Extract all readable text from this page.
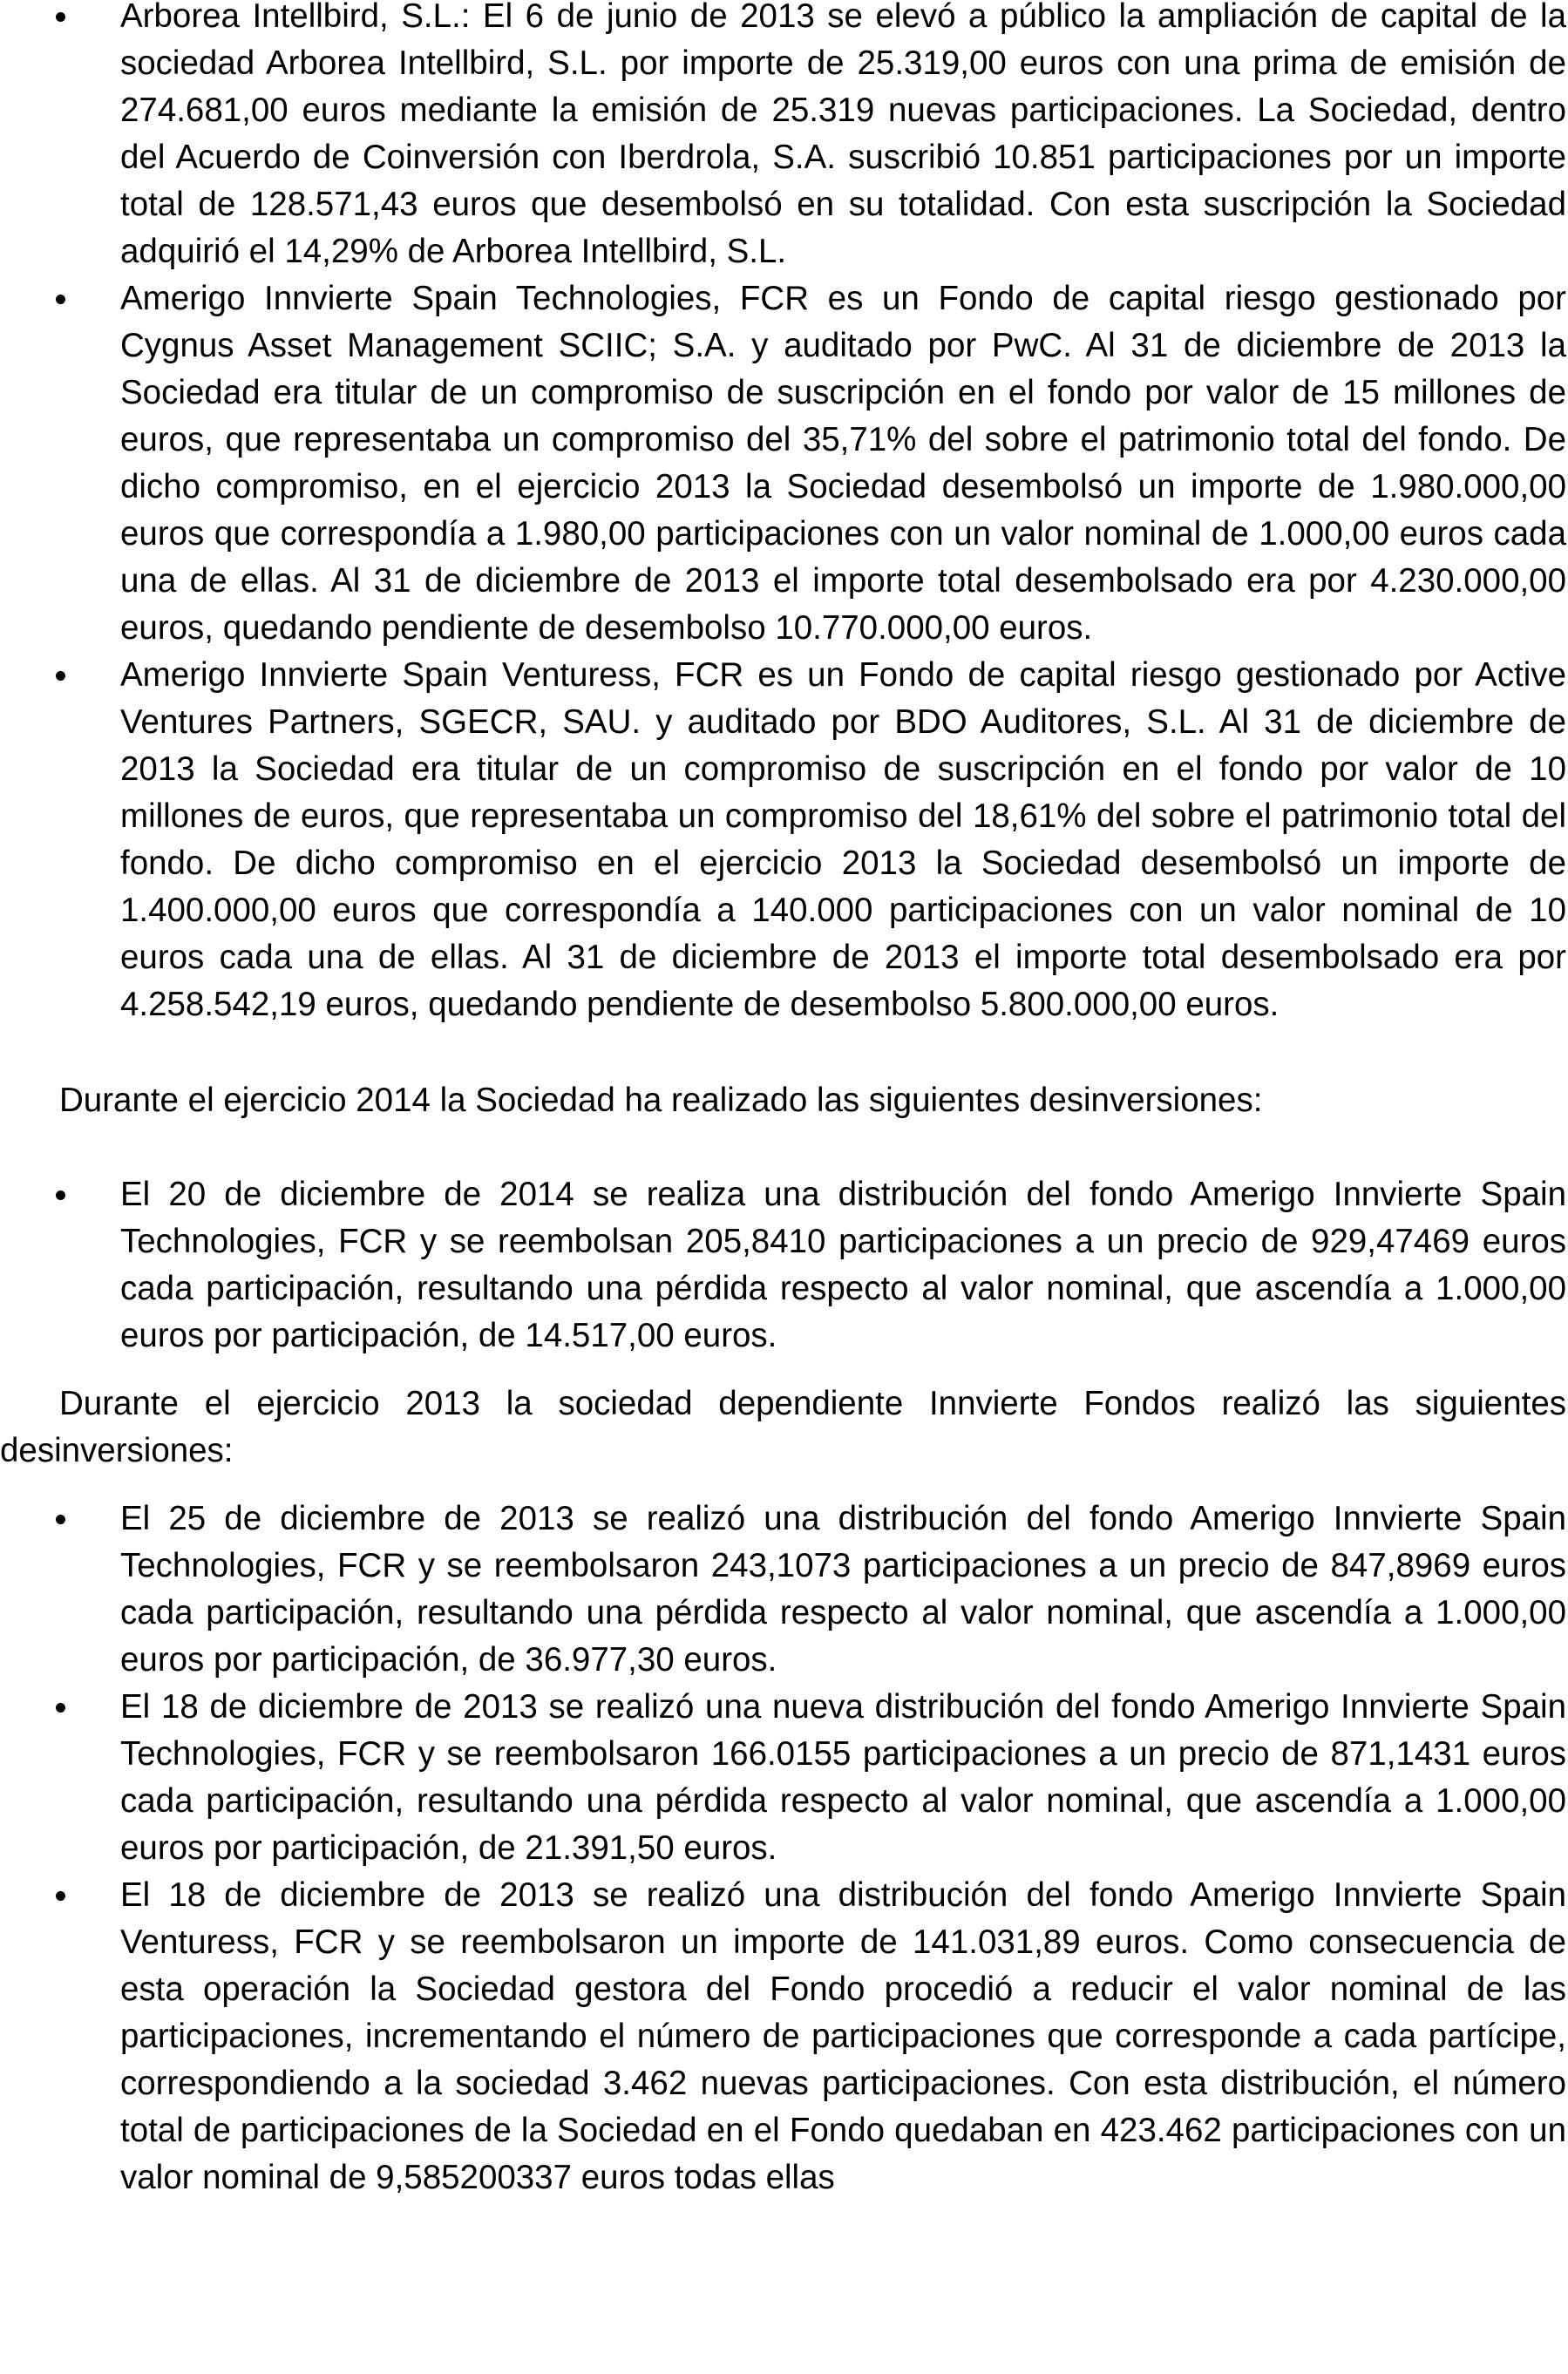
Arborea Intellbird, S.L.: El 6 de junio de 2013 se elevó a público la ampliación de capital de la sociedad Arborea Intellbird, S.L. por importe de 25.319,00 euros con una prima de emisión de 274.681,00 euros mediante la emisión de 25.319 nuevas participaciones. La Sociedad, dentro del Acuerdo de Coinversión con Iberdrola, S.A. suscribió 10.851 participaciones por un importe total de 128.571,43 euros que desembolsó en su totalidad. Con esta suscripción la Sociedad adquirió el 14,29% de Arborea Intellbird, S.L.
Amerigo Innvierte Spain Technologies, FCR es un Fondo de capital riesgo gestionado por Cygnus Asset Management SCIIC; S.A. y auditado por PwC. Al 31 de diciembre de 2013 la Sociedad era titular de un compromiso de suscripción en el fondo por valor de 15 millones de euros, que representaba un compromiso del 35,71% del sobre el patrimonio total del fondo. De dicho compromiso, en el ejercicio 2013 la Sociedad desembolsó un importe de 1.980.000,00 euros que correspondía a 1.980,00 participaciones con un valor nominal de 1.000,00 euros cada una de ellas. Al 31 de diciembre de 2013 el importe total desembolsado era por 4.230.000,00 euros, quedando pendiente de desembolso 10.770.000,00 euros.
Amerigo Innvierte Spain Venturess, FCR es un Fondo de capital riesgo gestionado por Active Ventures Partners, SGECR, SAU. y auditado por BDO Auditores, S.L. Al 31 de diciembre de 2013 la Sociedad era titular de un compromiso de suscripción en el fondo por valor de 10 millones de euros, que representaba un compromiso del 18,61% del sobre el patrimonio total del fondo. De dicho compromiso en el ejercicio 2013 la Sociedad desembolsó un importe de 1.400.000,00 euros que correspondía a 140.000 participaciones con un valor nominal de 10 euros cada una de ellas. Al 31 de diciembre de 2013 el importe total desembolsado era por 4.258.542,19 euros, quedando pendiente de desembolso 5.800.000,00 euros.

Durante el ejercicio 2014 la Sociedad ha realizado las siguientes desinversiones:

El 20 de diciembre de 2014 se realiza una distribución del fondo Amerigo Innvierte Spain Technologies, FCR y se reembolsan 205,8410 participaciones a un precio de 929,47469 euros cada participación, resultando una pérdida respecto al valor nominal, que ascendía a 1.000,00 euros por participación, de 14.517,00 euros.

Durante el ejercicio 2013 la sociedad dependiente Innvierte Fondos realizó las siguientes desinversiones:

El 25 de diciembre de 2013 se realizó una distribución del fondo Amerigo Innvierte Spain Technologies, FCR y se reembolsaron 243,1073 participaciones a un precio de 847,8969 euros cada participación, resultando una pérdida respecto al valor nominal, que ascendía a 1.000,00 euros por participación, de 36.977,30 euros.
El 18 de diciembre de 2013 se realizó una nueva distribución del fondo Amerigo Innvierte Spain Technologies, FCR y se reembolsaron 166.0155 participaciones a un precio de 871,1431 euros cada participación, resultando una pérdida respecto al valor nominal, que ascendía a 1.000,00 euros por participación, de 21.391,50 euros.
El 18 de diciembre de 2013 se realizó una distribución del fondo Amerigo Innvierte Spain Venturess, FCR y se reembolsaron un importe de 141.031,89 euros. Como consecuencia de esta operación la Sociedad gestora del Fondo procedió a reducir el valor nominal de las participaciones, incrementando el número de participaciones que corresponde a cada partícipe, correspondiendo a la sociedad 3.462 nuevas participaciones. Con esta distribución, el número total de participaciones de la Sociedad en el Fondo quedaban en 423.462 participaciones con un valor nominal de 9,585200337 euros todas ellas
